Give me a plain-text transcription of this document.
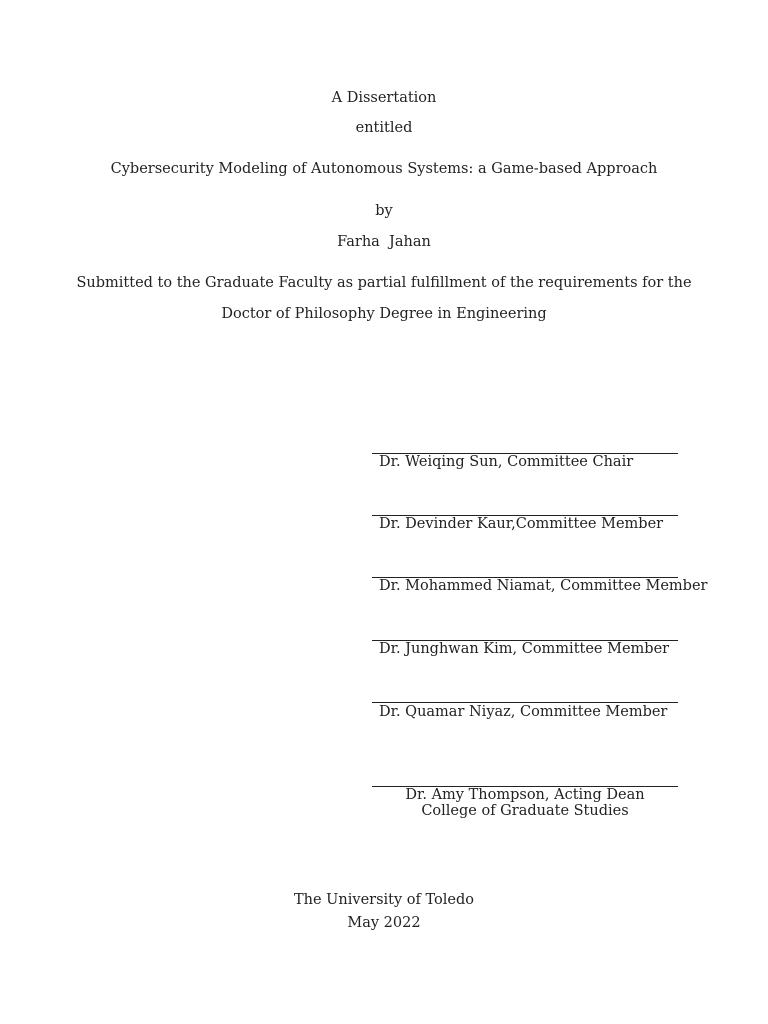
A Dissertation
entitled
Cybersecurity Modeling of Autonomous Systems: a Game-based Approach
by
Farha  Jahan
Submitted to the Graduate Faculty as partial fulfillment of the requirements for the
Doctor of Philosophy Degree in Engineering
Dr. Weiqing Sun, Committee Chair
Dr. Devinder Kaur,Committee Member
Dr. Mohammed Niamat, Committee Member
Dr. Junghwan Kim, Committee Member
Dr. Quamar Niyaz, Committee Member
Dr. Amy Thompson, Acting Dean
College of Graduate Studies
The University of Toledo
May 2022
